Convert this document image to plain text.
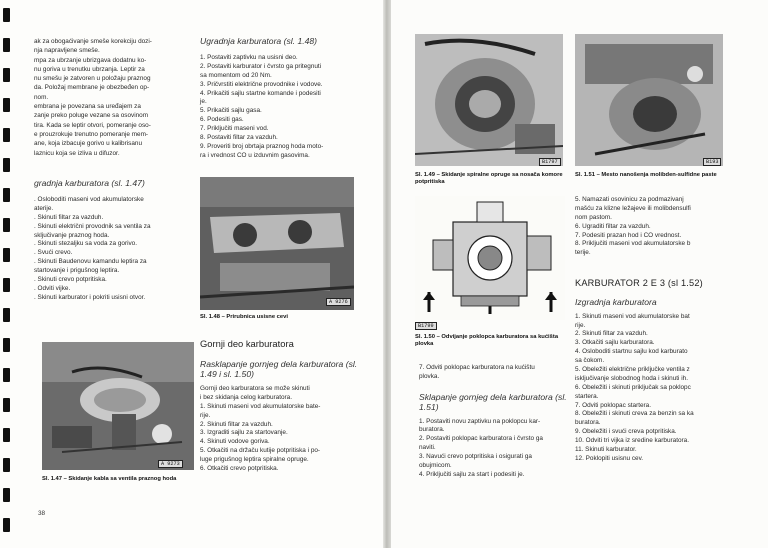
ak za obogaćivanje smeše korekciju dozi-

nja napravljene smeše.

mpa za ubrzanje ubrizgava dodatnu ko-

nu goriva u trenutku ubrzanja. Leptir za

nu smešu je zatvoren u položaju praznog

da. Položaj membrane je obezbeđen op-

nom.

embrana je povezana sa uređajem za

zanje preko poluge vezane sa osovinom

tira. Kada se leptir otvori, pomeranje oso-

e prouzrokuje trenutno pomeranje mem-

ane, koja izbacuje gorivo u kalibrisanu

laznicu koja se izliva u difuzor.

gradnja karburatora (sl. 1.47)
. Osloboditi maseni vod akumulatorske
aterije.
. Skinuti filtar za vazduh.
. Skinuti električni provodnik sa ventila za
sključivanje praznog hoda.
. Skinuti stezaljku sa voda za gorivo.
. Svući crevo.
. Skinuti Baudenovu kamandu leptira za
startovanje i prigušnog leptira.
. Skinuti crevo potpritiska.
. Odviti vijke.
. Skinuti karburator i pokriti usisni otvor.
A 9273
Sl. 1.47 – Skidanje kabla sa ventila praznog hoda
Ugradnja karburatora (sl. 1.48)
1. Postaviti zaptivku na usisni deo.
2. Postaviti karburator i čvrsto ga pritegnuti
sa momentom od 20 Nm.
3. Pričvrstiti električne provodnike i vodove.
4. Prikačiti sajlu startne komande i podesiti
je.
5. Prikačiti sajlu gasa.
6. Podesiti gas.
7. Priključiti maseni vod.
8. Postaviti filtar za vazduh.
9. Proveriti broj obrtaja praznog hoda moto-
ra i vrednost CO u izduvnim gasovima.
A 9276
Sl. 1.48 – Prirubnica usisne cevi
Gornji deo karburatora
Rasklapanje gornjeg dela karburatora (sl. 1.49 i sl. 1.50)
Gornji deo karburatora se može skinuti
i bez skidanja celog karburatora.
1. Skinuti maseni vod akumulatorske bate-
rije.
2. Skinuti filtar za vazduh.
3. Izgraditi sajlu za startovanje.
4. Skinuti vodove goriva.
5. Otkačiti na držaču kutije potpritiska i po-
luge prigušnog leptira spiralne opruge.
6. Otkačiti crevo potpritiska.
38
B1797
Sl. 1.49 – Skidanje spiralne opruge sa nosača komore potpritiska
B193
Sl. 1.51 – Mesto nanošenja molibden-sulfidne paste
B1799
Sl. 1.50 – Odvijanje poklopca karburatora sa kućišta plovka

7. Odviti poklopac karburatora na kućištu

plovka.

Sklapanje gornjeg dela karburatora (sl. 1.51)
1. Postaviti novu zaptivku na poklopcu kar-
buratora.
2. Postaviti poklopac karburatora i čvrsto ga
naviti.
3. Navući crevo potpritiska i osigurati ga
obujmicom.
4. Priključiti sajlu za start i podesiti je.
5. Namazati osovinicu za podmazivanj
mašću za klizne ležajeve ili molibdensulfi
nom pastom.
6. Ugraditi filtar za vazduh.
7. Podesiti prazan hod i CO vrednost.
8. Priključiti maseni vod akumulatorske b
terije.
KARBURATOR 2 E 3 (sl 1.52)
Izgradnja karburatora
1. Skinuti maseni vod akumulatorske bat
rije.
2. Skinuti filtar za vazduh.
3. Otkačiti sajlu karburatora.
4. Osloboditi startnu sajlu kod karburato
sa čokom.
5. Obeležiti električne priključke ventila z
isključivanje slobodnog hoda i skinuti ih.
6. Obeležiti i skinuti priključak sa poklopc
startera.
7. Odviti poklopac startera.
8. Obeležiti i skinuti creva za benzin sa ka
buratora.
9. Obeležiti i svući creva potpritiska.
10. Odviti tri vijka iz sredine karburatora.
11. Skinuti karburator.
12. Poklopiti usisnu cev.
